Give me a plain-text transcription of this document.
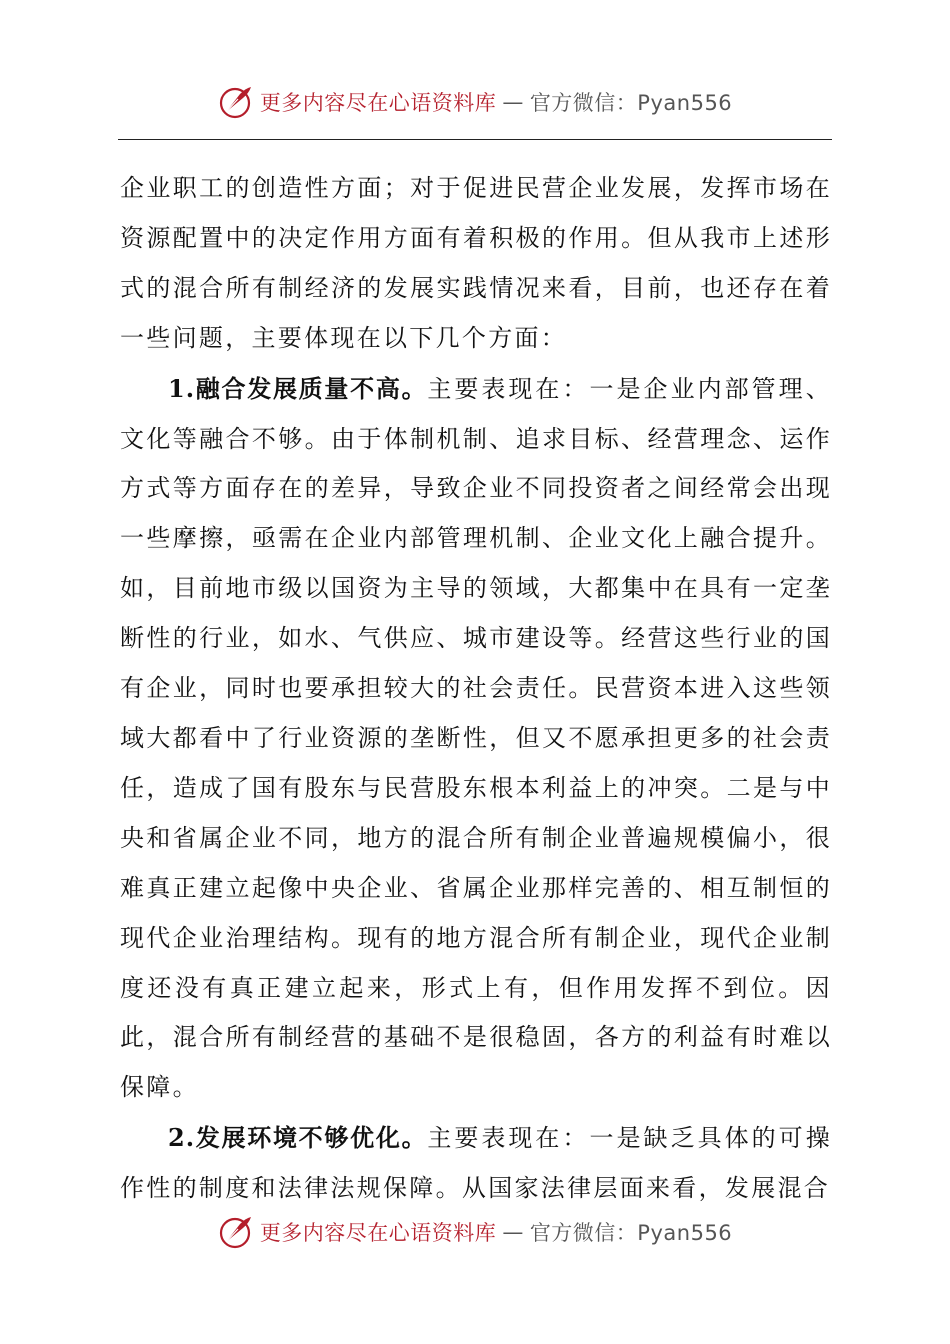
更多内容尽在心语资料库 — 官方微信：Pyan556

企业职工的创造性方面；对于促进民营企业发展，发挥市场在资源配置中的决定作用方面有着积极的作用。但从我市上述形式的混合所有制经济的发展实践情况来看，目前，也还存在着一些问题，主要体现在以下几个方面：

1.融合发展质量不高。主要表现在：一是企业内部管理、文化等融合不够。由于体制机制、追求目标、经营理念、运作方式等方面存在的差异，导致企业不同投资者之间经常会出现一些摩擦，亟需在企业内部管理机制、企业文化上融合提升。如，目前地市级以国资为主导的领域，大都集中在具有一定垄断性的行业，如水、气供应、城市建设等。经营这些行业的国有企业，同时也要承担较大的社会责任。民营资本进入这些领域大都看中了行业资源的垄断性，但又不愿承担更多的社会责任，造成了国有股东与民营股东根本利益上的冲突。二是与中央和省属企业不同，地方的混合所有制企业普遍规模偏小，很难真正建立起像中央企业、省属企业那样完善的、相互制恒的现代企业治理结构。现有的地方混合所有制企业，现代企业制度还没有真正建立起来，形式上有，但作用发挥不到位。因此，混合所有制经营的基础不是很稳固，各方的利益有时难以保障。

2.发展环境不够优化。主要表现在：一是缺乏具体的可操作性的制度和法律法规保障。从国家法律层面来看，发展混合

更多内容尽在心语资料库 — 官方微信：Pyan556
